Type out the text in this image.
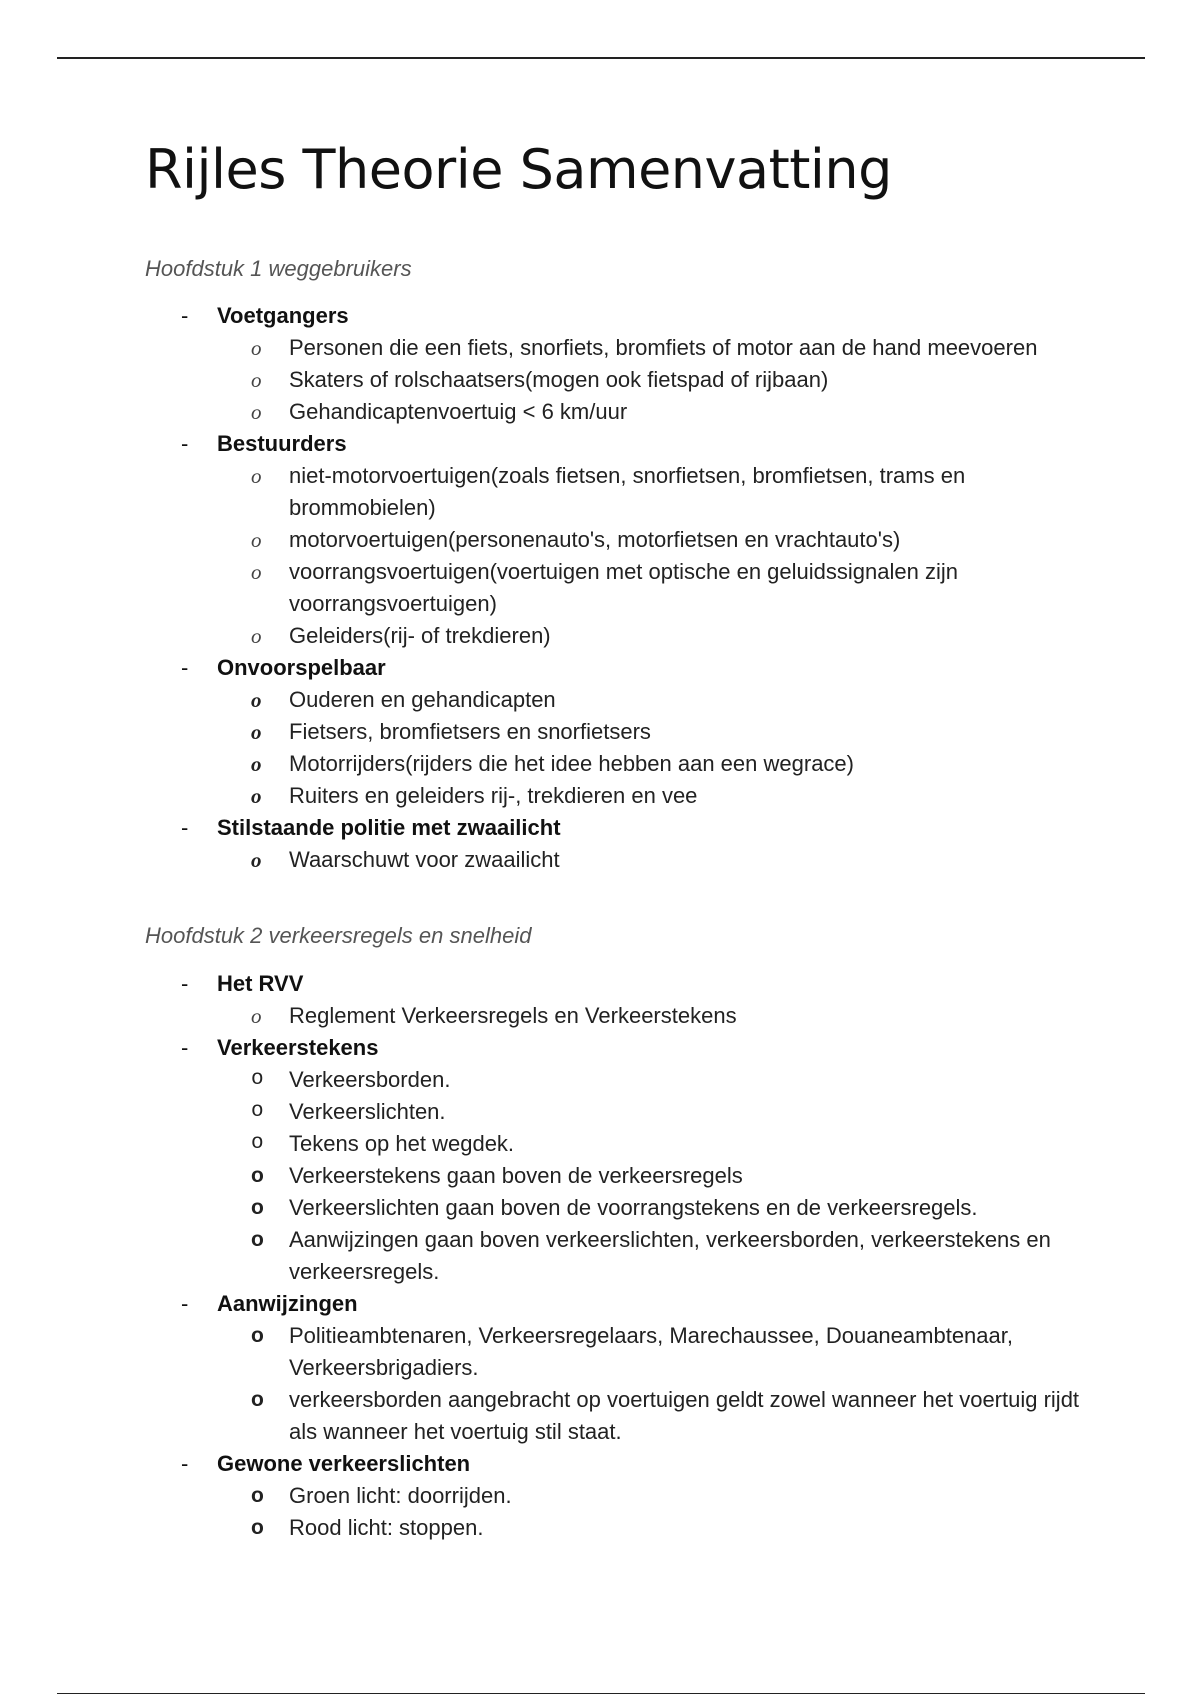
Rijles Theorie Samenvatting
Hoofdstuk 1 weggebruikers
- Voetgangers
o	Personen die een fiets, snorfiets, bromfiets of motor aan de hand meevoeren
o	Skaters of rolschaatsers(mogen ook fietspad of rijbaan)
o	Gehandicaptenvoertuig < 6 km/uur
- Bestuurders
o	niet-motorvoertuigen(zoals fietsen, snorfietsen, bromfietsen, trams en brommobielen)
o	motorvoertuigen(personenauto's, motorfietsen en vrachtauto's)
o	voorrangsvoertuigen(voertuigen met optische en geluidssignalen zijn voorrangsvoertuigen)
o	Geleiders(rij- of trekdieren)
- Onvoorspelbaar
o	Ouderen en gehandicapten
o	Fietsers, bromfietsers en snorfietsers
o	Motorrijders(rijders die het idee hebben aan een wegrace)
o	Ruiters en geleiders rij-, trekdieren en vee
- Stilstaande politie met zwaailicht
o	Waarschuwt voor zwaailicht
Hoofdstuk 2 verkeersregels en snelheid
- Het RVV
o	Reglement Verkeersregels en Verkeerstekens
- Verkeerstekens
o	Verkeersborden.
o	Verkeerslichten.
o	Tekens op het wegdek.
o	Verkeerstekens gaan boven de verkeersregels
o	Verkeerslichten gaan boven de voorrangstekens en de verkeersregels.
o	Aanwijzingen gaan boven verkeerslichten, verkeersborden, verkeerstekens en verkeersregels.
- Aanwijzingen
o	Politieambtenaren, Verkeersregelaars, Marechaussee, Douaneambtenaar, Verkeersbrigadiers.
o	verkeersborden aangebracht op voertuigen geldt zowel wanneer het voertuig rijdt als wanneer het voertuig stil staat.
- Gewone verkeerslichten
o	Groen licht: doorrijden.
o	Rood licht: stoppen.
